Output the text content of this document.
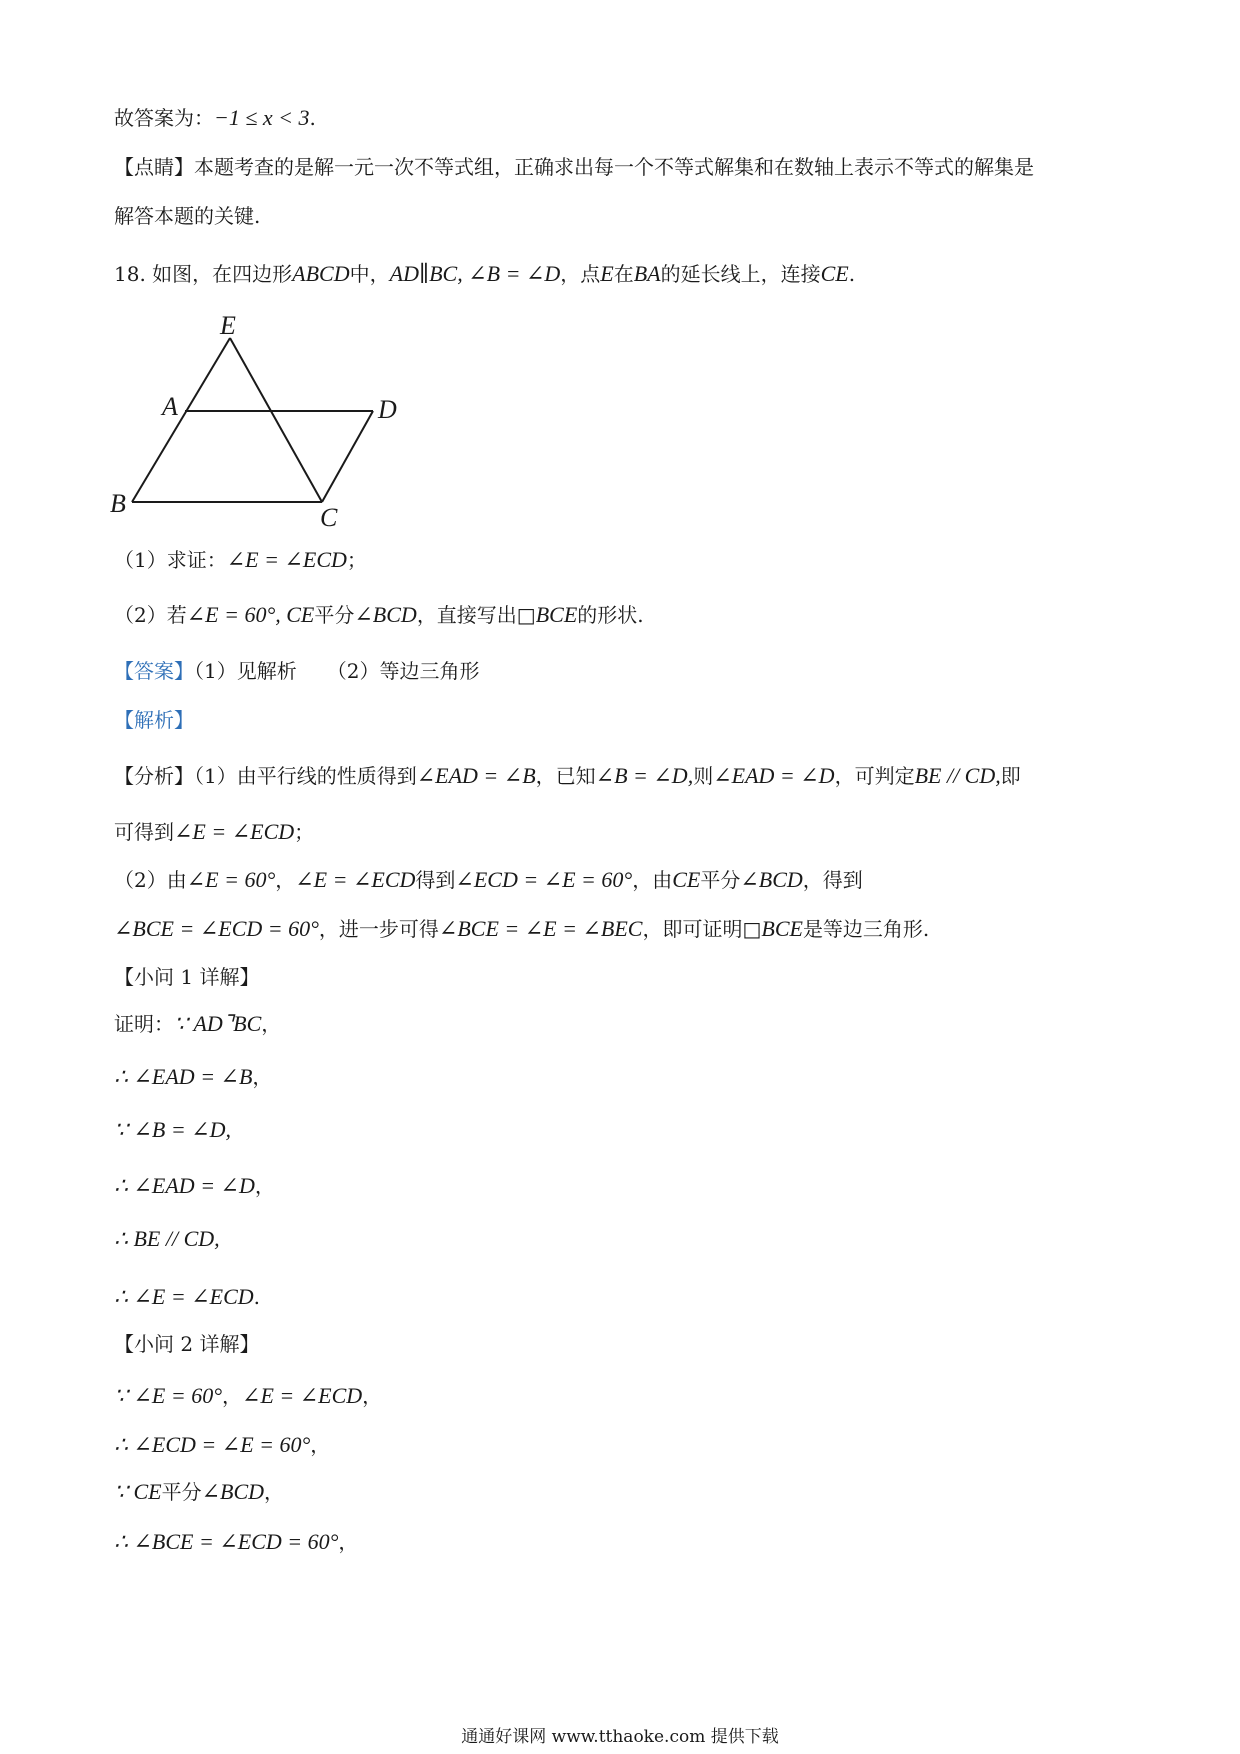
故答案为：−1 ≤ x < 3.
【点睛】本题考查的是解一元一次不等式组，正确求出每一个不等式解集和在数轴上表示不等式的解集是
解答本题的关键.
18. 如图，在四边形ABCD中，AD∥BC, ∠B = ∠D，点E在BA的延长线上，连接CE.
（1）求证：∠E = ∠ECD；
（2）若∠E = 60°, CE平分∠BCD，直接写出□BCE的形状.
【答案】（1）见解析　　（2）等边三角形
【解析】
【分析】（1）由平行线的性质得到∠EAD = ∠B，已知∠B = ∠D,则∠EAD = ∠D，可判定BE // CD,即
可得到∠E = ∠ECD；
（2）由∠E = 60°，∠E = ∠ECD得到∠ECD = ∠E = 60°，由CE平分∠BCD，得到
∠BCE = ∠ECD = 60°，进一步可得∠BCE = ∠E = ∠BEC，即可证明□BCE是等边三角形.
【小问 1 详解】
证明：∵ AD⌝BC，
∴ ∠EAD = ∠B，
∵ ∠B = ∠D,
∴ ∠EAD = ∠D，
∴ BE // CD,
∴ ∠E = ∠ECD.
【小问 2 详解】
∵ ∠E = 60°，∠E = ∠ECD，
∴ ∠ECD = ∠E = 60°，
∵ CE平分∠BCD，
∴ ∠BCE = ∠ECD = 60°，
E
A	D
B	C
通通好课网 www.tthaoke.com 提供下载
